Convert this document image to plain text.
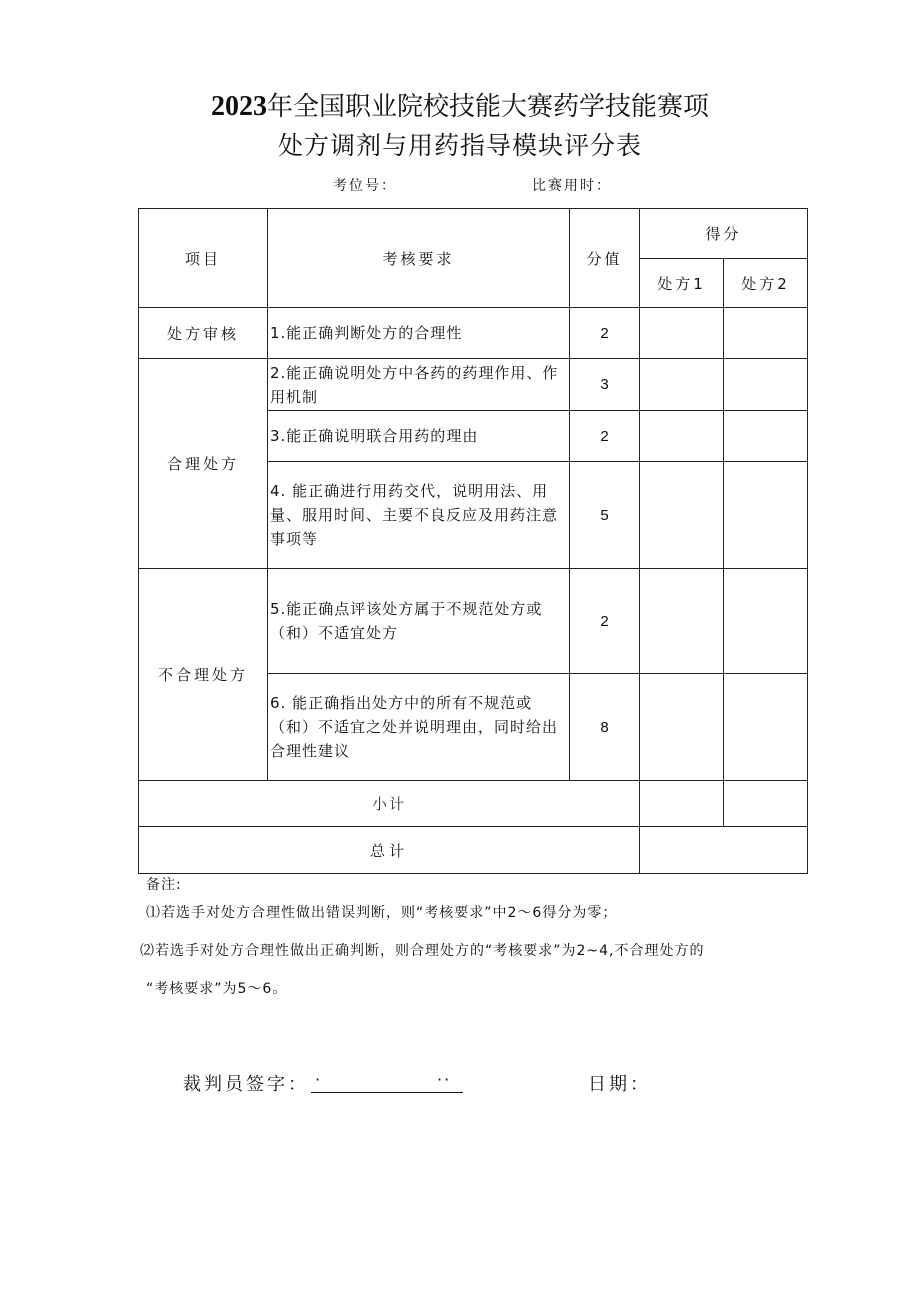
2023年全国职业院校技能大赛药学技能赛项
处方调剂与用药指导模块评分表
考位号：	比赛用时：
项目	考核要求	分值	得分	
			处方1	处方2
处方审核	1.能正确判断处方的合理性	2		
合理处方	2.能正确说明处方中各药的药理作用、作用机制	3		
	3.能正确说明联合用药的理由	2		
	4. 能正确进行用药交代，说明用法、用量、服用时间、主要不良反应及用药注意事项等	5		
不合理处方	5.能正确点评该处方属于不规范处方或（和）不适宜处方	2		
	6. 能正确指出处方中的所有不规范或（和）不适宜之处并说明理由，同时给出合理性建议	8		
小计				
总计				
备注:
⑴若选手对处方合理性做出错误判断，则“考核要求”中2～6得分为零；
⑵若选手对处方合理性做出正确判断，则合理处方的“考核要求”为2~4,不合理处方的
“考核要求”为5～6。
裁判员签字： ·	··	日期：
